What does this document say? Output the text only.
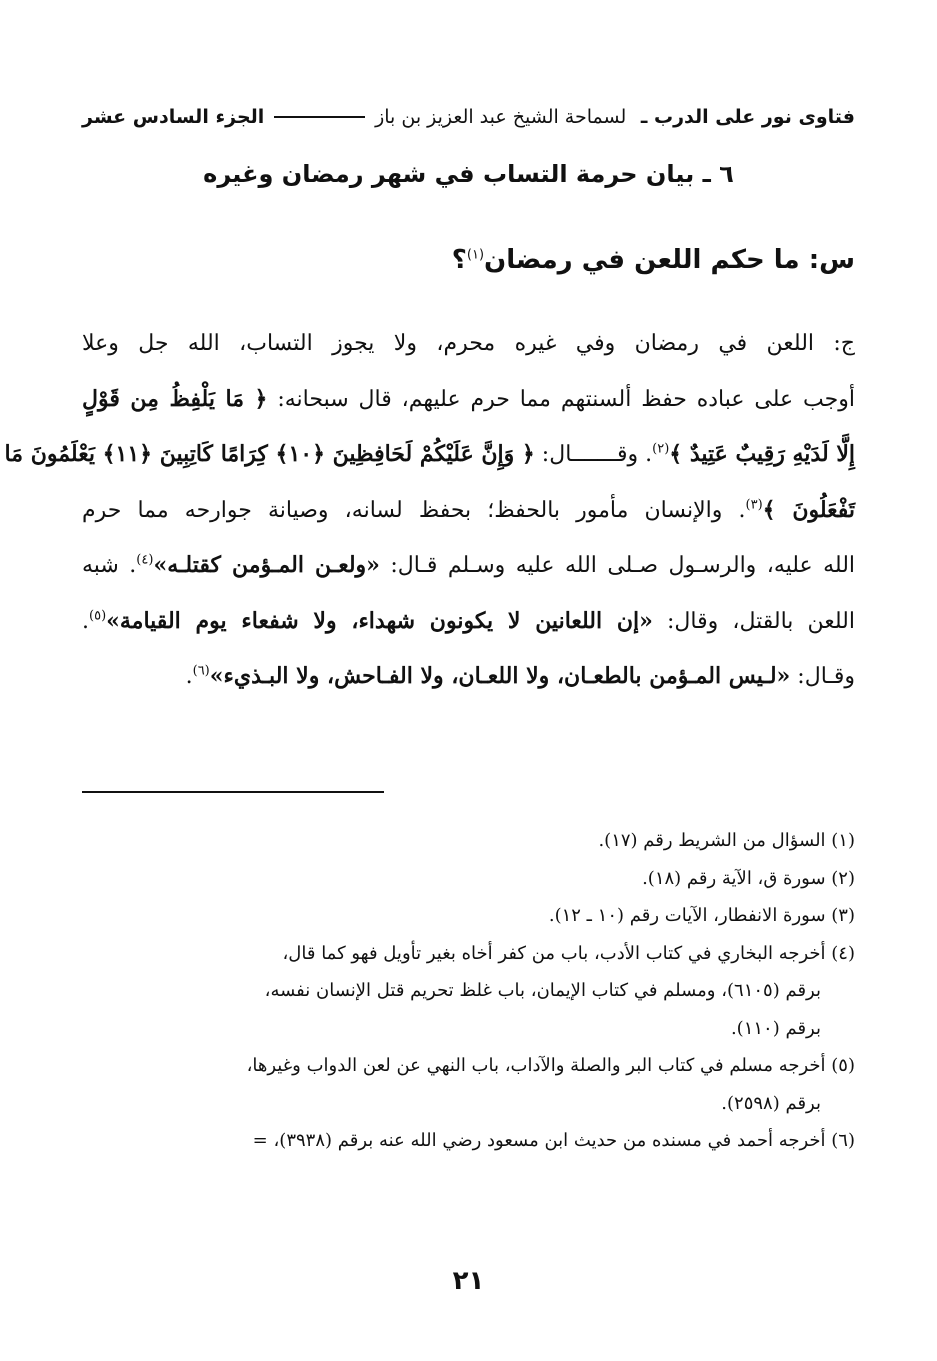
فتاوى نور على الدرب ـ لسماحة الشيخ عبد العزيز بن باز
الجزء السادس عشر
٦ ـ بيان حرمة التساب في شهر رمضان وغيره
س: ما حكم اللعن في رمضان$^{(١)}$؟
ج: اللعن في رمضان وفي غيره محرم، ولا يجوز التساب، الله جل وعلا
أوجب على عباده حفظ ألسنتهم مما حرم عليهم، قال سبحانه: ﴿ مَا يَلْفِظُ مِن قَوْلٍ
إِلَّا لَدَيْهِ رَقِيبٌ عَتِيدٌ ﴾$^{(٢)}$. وقـــــــال: ﴿ وَإِنَّ عَلَيْكُمْ لَحَافِظِينَ ﴿١٠﴾ كِرَامًا كَاتِبِينَ ﴿١١﴾ يَعْلَمُونَ مَا
تَفْعَلُونَ ﴾$^{(٣)}$. والإنسان مأمور بالحفظ؛ بحفظ لسانه، وصيانة جوارحه مما حرم
الله عليه، والرسـول صـلى الله عليه وسـلم قـال: «ولعـن المـؤمن كقتلـه»$^{(٤)}$. شبه
اللعن بالقتل، وقال: «إن اللعانين لا يكونون شهداء، ولا شفعاء يوم القيامة»$^{(٥)}$.
وقـال: «لـيس المـؤمن بالطعـان، ولا اللعـان، ولا الفـاحش، ولا البـذيء»$^{(٦)}$.
(١) السؤال من الشريط رقم (١٧).
(٢) سورة ق، الآية رقم (١٨).
(٣) سورة الانفطار، الآيات رقم (١٠ ـ ١٢).
(٤) أخرجه البخاري في كتاب الأدب، باب من كفر أخاه بغير تأويل فهو كما قال،
برقم (٦١٠٥)، ومسلم في كتاب الإيمان، باب غلظ تحريم قتل الإنسان نفسه،
برقم (١١٠).
(٥) أخرجه مسلم في كتاب البر والصلة والآداب، باب النهي عن لعن الدواب وغيرها،
برقم (٢٥٩٨).
(٦) أخرجه أحمد في مسنده من حديث ابن مسعود رضي الله عنه برقم (٣٩٣٨)، =
٢١
